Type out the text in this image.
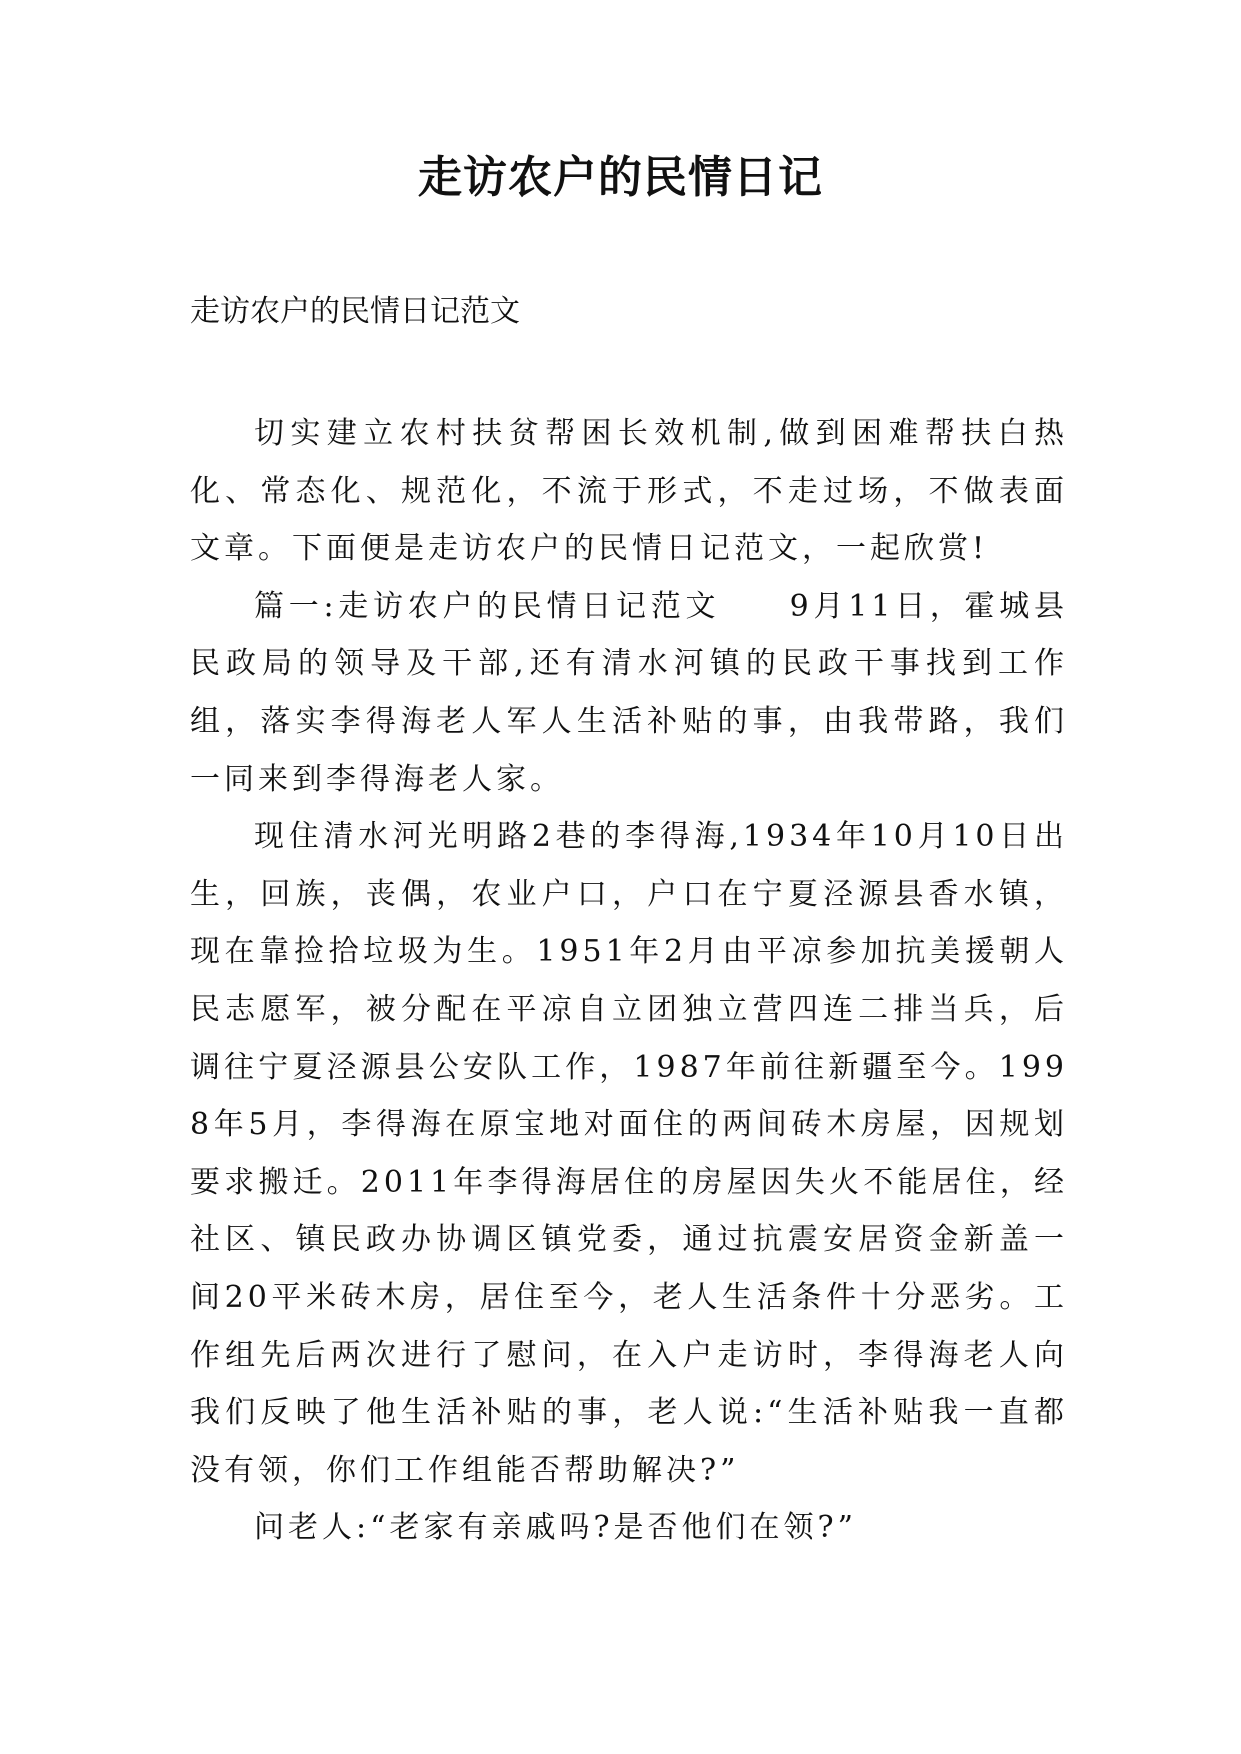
走访农户的民情日记

走访农户的民情日记范文

切实建立农村扶贫帮困长效机制,做到困难帮扶白热化、常态化、规范化，不流于形式，不走过场，不做表面文章。下面便是走访农户的民情日记范文，一起欣赏!

篇一:走访农户的民情日记范文　　9月11日，霍城县民政局的领导及干部,还有清水河镇的民政干事找到工作组，落实李得海老人军人生活补贴的事，由我带路，我们一同来到李得海老人家。

现住清水河光明路2巷的李得海,1934年10月10日出生，回族，丧偶，农业户口，户口在宁夏泾源县香水镇，现在靠捡拾垃圾为生。1951年2月由平凉参加抗美援朝人民志愿军，被分配在平凉自立团独立营四连二排当兵，后调往宁夏泾源县公安队工作，1987年前往新疆至今。1998年5月，李得海在原宝地对面住的两间砖木房屋，因规划要求搬迁。2011年李得海居住的房屋因失火不能居住，经社区、镇民政办协调区镇党委，通过抗震安居资金新盖一间20平米砖木房，居住至今，老人生活条件十分恶劣。工作组先后两次进行了慰问，在入户走访时，李得海老人向我们反映了他生活补贴的事，老人说:“生活补贴我一直都没有领，你们工作组能否帮助解决?”

问老人:“老家有亲戚吗?是否他们在领?”
